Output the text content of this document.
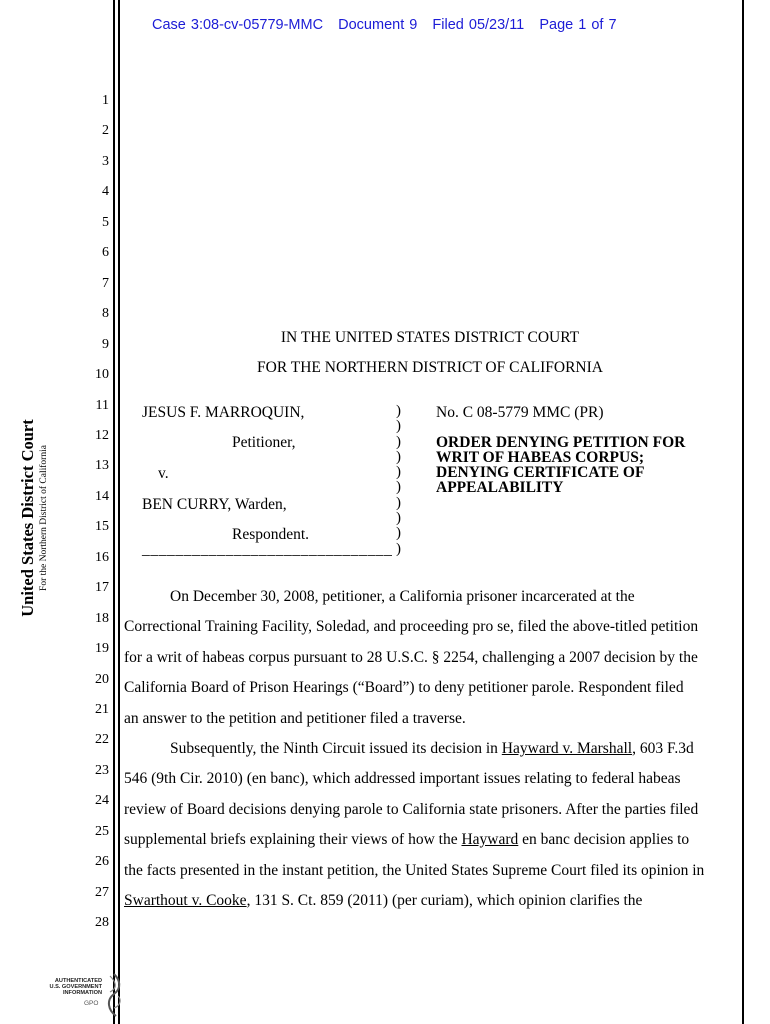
Case 3:08-cv-05779-MMC Document 9 Filed 05/23/11 Page 1 of 7
United States District Court For the Northern District of California
1
2
3
4
5
6
7
8
9
10
11
12
13
14
15
16
17
18
19
20
21
22
23
24
25
26
27
28
IN THE UNITED STATES DISTRICT COURT
FOR THE NORTHERN DISTRICT OF CALIFORNIA
JESUS F. MARROQUIN,
Petitioner,
v.
BEN CURRY, Warden,
Respondent.
______________________________
)
)
)
)
)
)
)
)
)
)
No. C 08-5779 MMC (PR)
ORDER DENYING PETITION FOR
WRIT OF HABEAS CORPUS;
DENYING CERTIFICATE OF
APPEALABILITY
On December 30, 2008, petitioner, a California prisoner incarcerated at the
Correctional Training Facility, Soledad, and proceeding pro se, filed the above-titled petition
for a writ of habeas corpus pursuant to 28 U.S.C. § 2254, challenging a 2007 decision by the
California Board of Prison Hearings (“Board”) to deny petitioner parole. Respondent filed
an answer to the petition and petitioner filed a traverse.
Subsequently, the Ninth Circuit issued its decision in Hayward v. Marshall, 603 F.3d
546 (9th Cir. 2010) (en banc), which addressed important issues relating to federal habeas
review of Board decisions denying parole to California state prisoners. After the parties filed
supplemental briefs explaining their views of how the Hayward en banc decision applies to
the facts presented in the instant petition, the United States Supreme Court filed its opinion in
Swarthout v. Cooke, 131 S. Ct. 859 (2011) (per curiam), which opinion clarifies the
AUTHENTICATED
U.S. GOVERNMENT
INFORMATION
GPO
